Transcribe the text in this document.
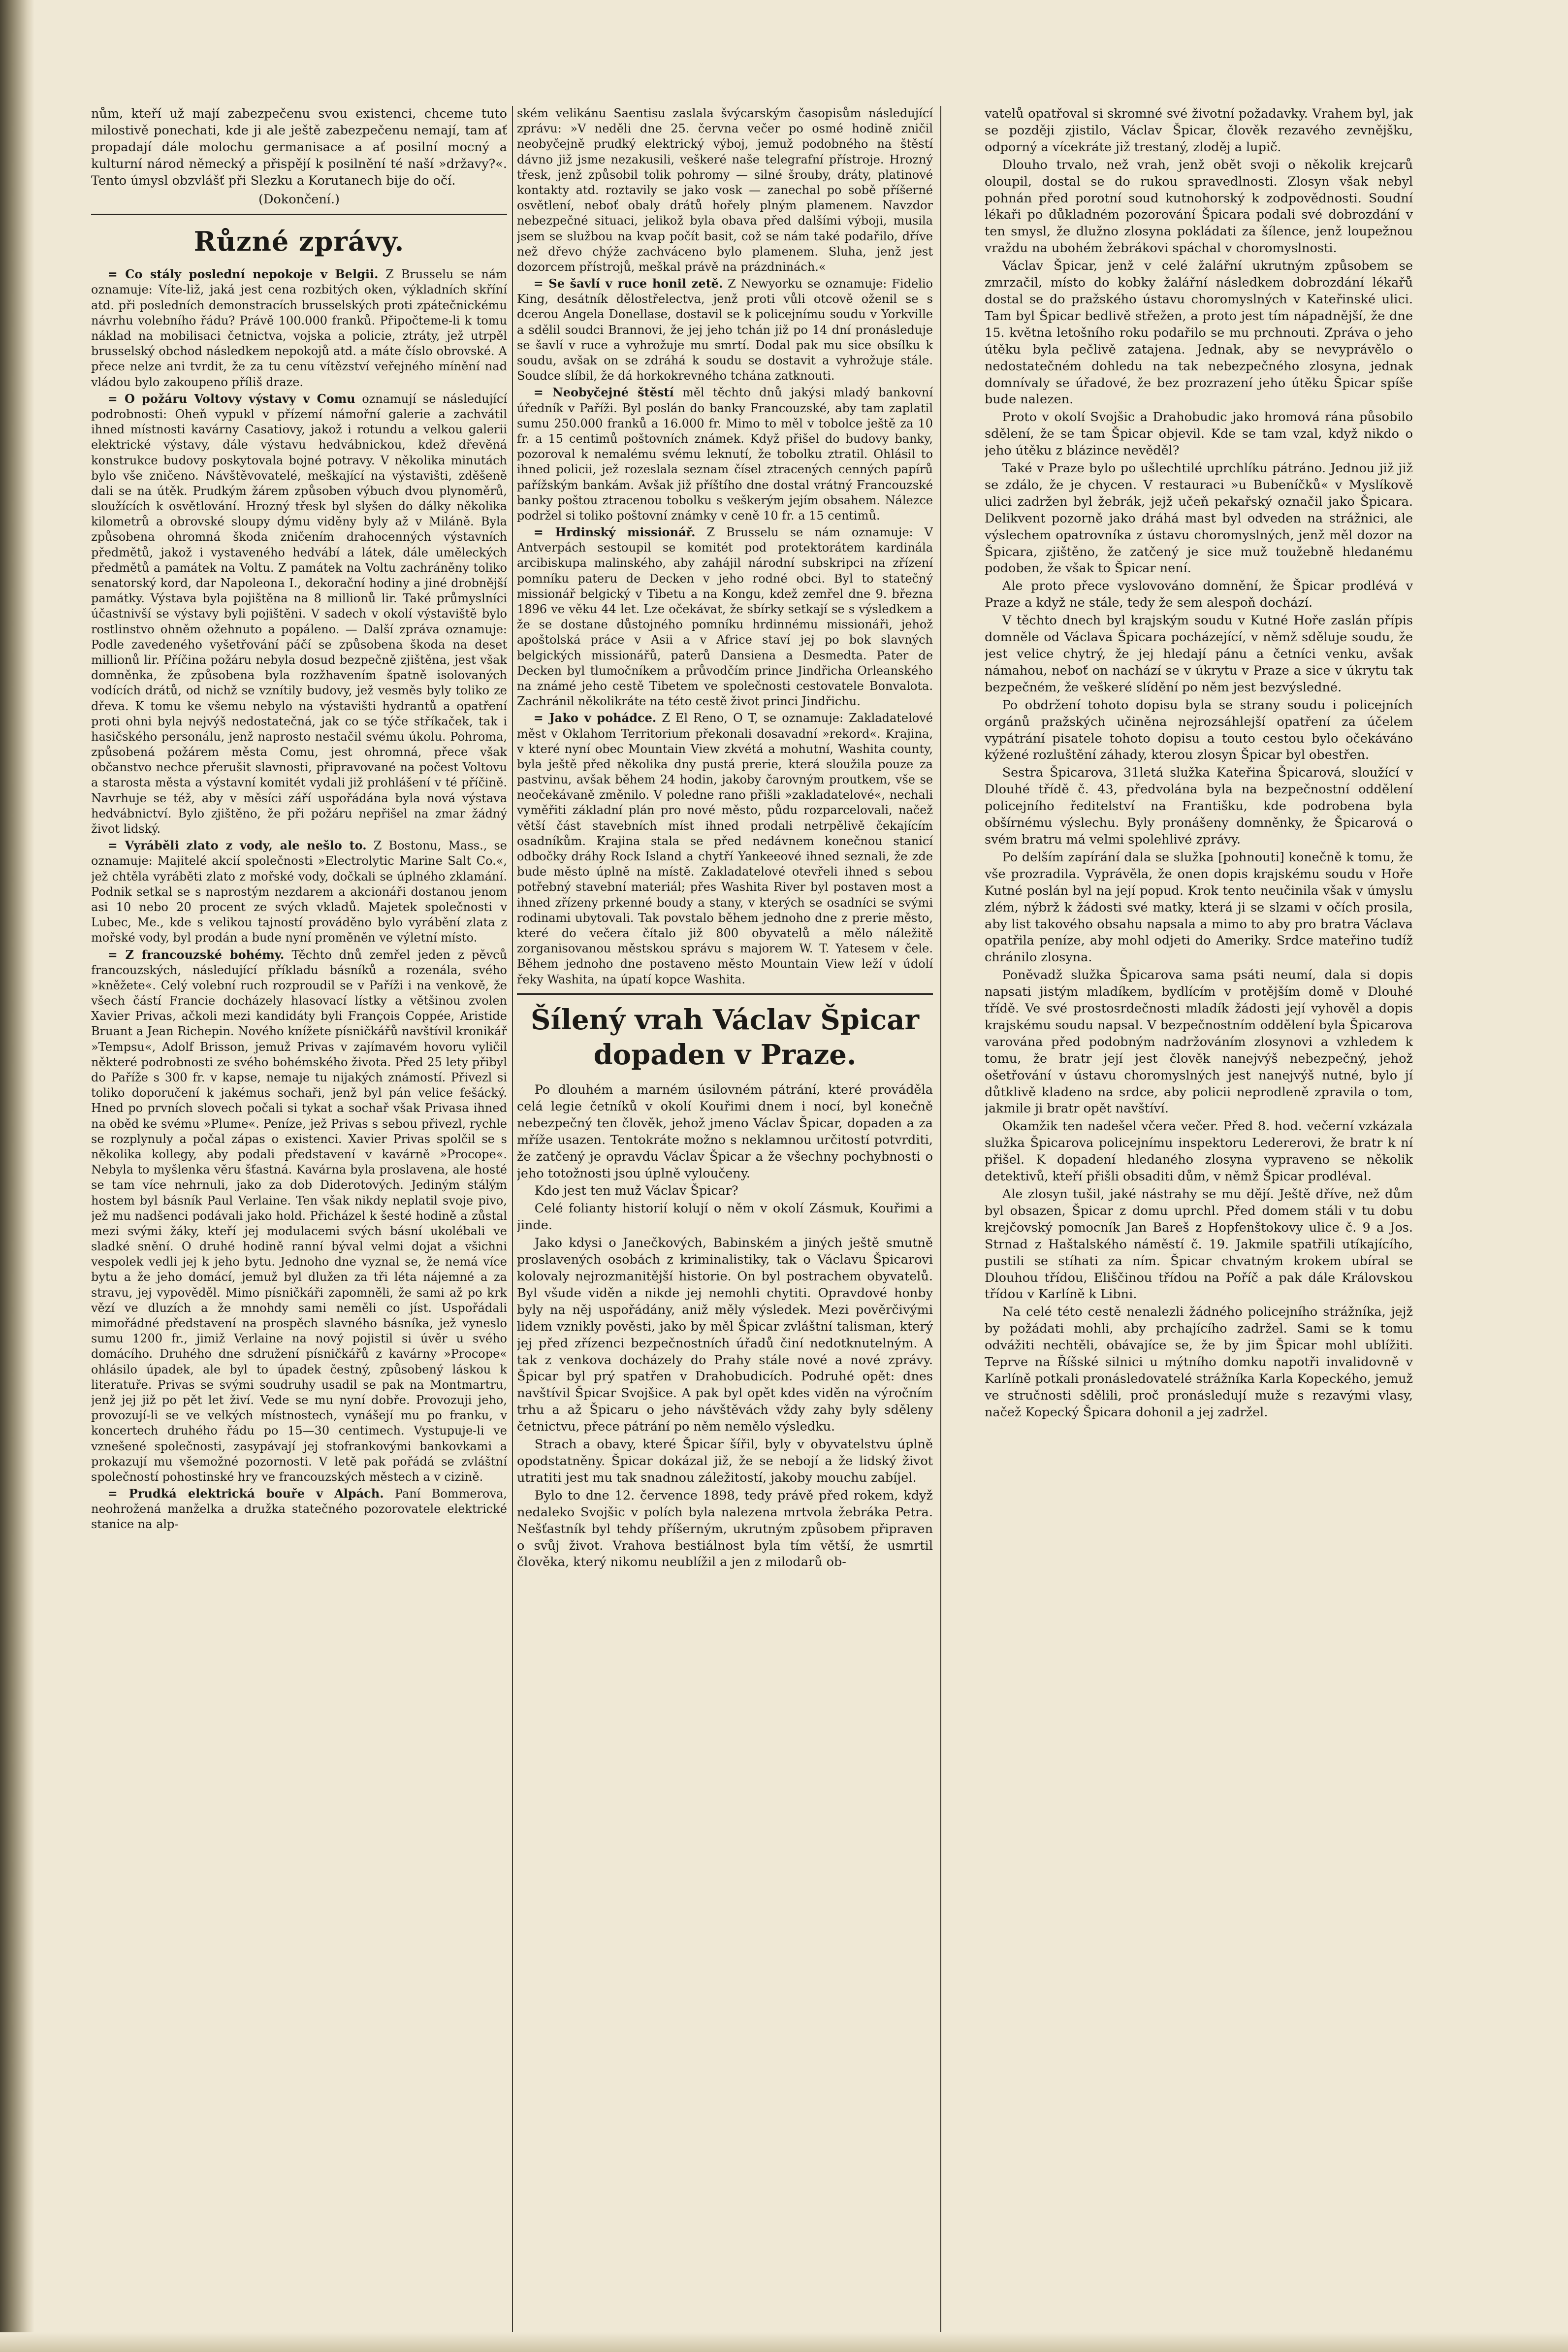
nům, kteří už mají zabezpečenu svou existenci, chceme tuto milostivě ponechati, kde ji ale ještě zabezpečenu nemají, tam ať propadají dále molochu germanisace a ať posilní mocný a kulturní národ německý a přispějí k posilnění té naší »državy?«. Tento úmysl obzvlášť při Slezku a Korutanech bije do očí.

(Dokončení.)

Různé zprávy.

= Co stály poslední nepokoje v Belgii. Z Brusselu se nám oznamuje: Víte-liž, jaká jest cena rozbitých oken, výkladních skříní atd. při posledních demonstracích brusselských proti zpátečnickému návrhu volebního řádu? Právě 100.000 franků. Připočteme-li k tomu náklad na mobilisaci četnictva, vojska a policie, ztráty, jež utrpěl brusselský obchod následkem nepokojů atd. a máte číslo obrovské. A přece nelze ani tvrdit, že za tu cenu vítězství veřejného mínění nad vládou bylo zakoupeno příliš draze.

= O požáru Voltovy výstavy v Comu oznamují se následující podrobnosti: Oheň vypukl v přízemí námořní galerie a zachvátil ihned místnosti kavárny Casatiovy, jakož i rotundu a velkou galerii elektrické výstavy, dále výstavu hedvábnickou, kdež dřevěná konstrukce budovy poskytovala bojné potravy. V několika minutách bylo vše zničeno. Návštěvovatelé, meškající na výstavišti, zděšeně dali se na útěk. Prudkým žárem způsoben výbuch dvou plynoměrů, sloužících k osvětlování. Hrozný třesk byl slyšen do dálky několika kilometrů a obrovské sloupy dýmu viděny byly až v Miláně. Byla způsobena ohromná škoda zničením drahocenných výstavních předmětů, jakož i vystaveného hedvábí a látek, dále uměleckých předmětů a památek na Voltu. Z památek na Voltu zachráněny toliko senatorský kord, dar Napoleona I., dekorační hodiny a jiné drobnější památky. Výstava byla pojištěna na 8 millionů lir. Také průmyslníci účastnivší se výstavy byli pojištěni. V sadech v okolí výstaviště bylo rostlinstvo ohněm ožehnuto a popáleno. — Další zpráva oznamuje: Podle zavedeného vyšetřování páčí se způsobena škoda na deset millionů lir. Příčina požáru nebyla dosud bezpečně zjištěna, jest však domněnka, že způsobena byla rozžhavením špatně isolovaných vodících drátů, od nichž se vznítily budovy, jež vesměs byly toliko ze dřeva. K tomu ke všemu nebylo na výstavišti hydrantů a opatření proti ohni byla nejvýš nedostatečná, jak co se týče stříkaček, tak i hasičského personálu, jenž naprosto nestačil svému úkolu. Pohroma, způsobená požárem města Comu, jest ohromná, přece však občanstvo nechce přerušit slavnosti, připravované na počest Voltovu a starosta města a výstavní komitét vydali již prohlášení v té příčině. Navrhuje se též, aby v měsíci září uspořádána byla nová výstava hedvábnictví. Bylo zjištěno, že při požáru nepřišel na zmar žádný život lidský.

= Vyráběli zlato z vody, ale nešlo to. Z Bostonu, Mass., se oznamuje: Majitelé akcií společnosti »Electrolytic Marine Salt Co.«, jež chtěla vyráběti zlato z mořské vody, dočkali se úplného zklamání. Podnik setkal se s naprostým nezdarem a akcionáři dostanou jenom asi 10 nebo 20 procent ze svých vkladů. Majetek společnosti v Lubec, Me., kde s velikou tajností prováděno bylo vyrábění zlata z mořské vody, byl prodán a bude nyní proměněn ve výletní místo.

= Z francouzské bohémy. Těchto dnů zemřel jeden z pěvců francouzských, následující příkladu básníků a rozenála, svého »kněžete«. Celý volební ruch rozproudil se v Paříži i na venkově, že všech částí Francie docházely hlasovací lístky a většinou zvolen Xavier Privas, ačkoli mezi kandidáty byli François Coppée, Aristide Bruant a Jean Richepin. Nového knížete písničkářů navštívil kronikář »Tempsu«, Adolf Brisson, jemuž Privas v zajímavém hovoru vyličil některé podrobnosti ze svého bohémského života. Před 25 lety přibyl do Paříže s 300 fr. v kapse, nemaje tu nijakých známostí. Přivezl si toliko doporučení k jakémus sochaři, jenž byl pán velice fešácký. Hned po prvních slovech počali si tykat a sochař však Privasa ihned na oběd ke svému »Plume«. Peníze, jež Privas s sebou přivezl, rychle se rozplynuly a počal zápas o existenci. Xavier Privas spolčil se s několika kollegy, aby podali představení v kavárně »Procope«. Nebyla to myšlenka věru šťastná. Kavárna byla proslavena, ale hosté se tam více nehrnuli, jako za dob Diderotových. Jediným stálým hostem byl básník Paul Verlaine. Ten však nikdy neplatil svoje pivo, jež mu nadšenci podávali jako hold. Přicházel k šesté hodině a zůstal mezi svými žáky, kteří jej modulacemi svých básní ukolébali ve sladké snění. O druhé hodině ranní býval velmi dojat a všichni vespolek vedli jej k jeho bytu. Jednoho dne vyznal se, že nemá více bytu a že jeho domácí, jemuž byl dlužen za tři léta nájemné a za stravu, jej vypověděl. Mimo písničkáři zapomněli, že sami až po krk vězí ve dluzích a že mnohdy sami neměli co jíst. Uspořádali mimořádné představení na prospěch slavného básníka, jež vyneslo sumu 1200 fr., jimiž Verlaine na nový pojistil si úvěr u svého domácího. Druhého dne sdružení písničkářů z kavárny »Procope« ohlásilo úpadek, ale byl to úpadek čestný, způsobený láskou k literatuře. Privas se svými soudruhy usadil se pak na Montmartru, jenž jej již po pět let živí. Vede se mu nyní dobře. Provozuji jeho, provozují-li se ve velkých místnostech, vynášejí mu po franku, v koncertech druhého řádu po 15—30 centimech. Vystupuje-li ve vznešené společnosti, zasypávají jej stofrankovými bankovkami a prokazují mu všemožné pozornosti. V letě pak pořádá se zvláštní společností pohostinské hry ve francouzských městech a v cizině.

= Prudká elektrická bouře v Alpách. Paní Bommerova, neohrožená manželka a družka statečného pozorovatele elektrické stanice na alp-

ském velikánu Saentisu zaslala švýcarským časopisům následující zprávu: »V neděli dne 25. června večer po osmé hodině zničil neobyčejně prudký elektrický výboj, jemuž podobného na štěstí dávno již jsme nezakusili, veškeré naše telegrafní přístroje. Hrozný třesk, jenž způsobil tolik pohromy — silné šrouby, dráty, platinové kontakty atd. roztavily se jako vosk — zanechal po sobě příšerné osvětlení, neboť obaly drátů hořely plným plamenem. Navzdor nebezpečné situaci, jelikož byla obava před dalšími výboji, musila jsem se službou na kvap počít basit, což se nám také podařilo, dříve než dřevo chýže zachváceno bylo plamenem. Sluha, jenž jest dozorcem přístrojů, meškal právě na prázdninách.«

= Se šavlí v ruce honil zetě. Z Newyorku se oznamuje: Fidelio King, desátník dělostřelectva, jenž proti vůli otcově oženil se s dcerou Angela Donellase, dostavil se k policejnímu soudu v Yorkville a sdělil soudci Brannovi, že jej jeho tchán již po 14 dní pronásleduje se šavlí v ruce a vyhrožuje mu smrtí. Dodal pak mu sice obsílku k soudu, avšak on se zdráhá k soudu se dostavit a vyhrožuje stále. Soudce slíbil, že dá horkokrevného tchána zatknouti.

= Neobyčejné štěstí měl těchto dnů jakýsi mladý bankovní úředník v Paříži. Byl poslán do banky Francouzské, aby tam zaplatil sumu 250.000 franků a 16.000 fr. Mimo to měl v tobolce ještě za 10 fr. a 15 centimů poštovních známek. Když přišel do budovy banky, pozoroval k nemalému svému leknutí, že tobolku ztratil. Ohlásil to ihned policii, jež rozeslala seznam čísel ztracených cenných papírů pařížským bankám. Avšak již příštího dne dostal vrátný Francouzské banky poštou ztracenou tobolku s veškerým jejím obsahem. Nálezce podržel si toliko poštovní známky v ceně 10 fr. a 15 centimů.

= Hrdinský missionář. Z Brusselu se nám oznamuje: V Antverpách sestoupil se komitét pod protektorátem kardinála arcibiskupa malinského, aby zahájil národní subskripci na zřízení pomníku pateru de Decken v jeho rodné obci. Byl to statečný missionář belgický v Tibetu a na Kongu, kdež zemřel dne 9. března 1896 ve věku 44 let. Lze očekávat, že sbírky setkají se s výsledkem a že se dostane důstojného pomníku hrdinnému missionáři, jehož apoštolská práce v Asii a v Africe staví jej po bok slavných belgických missionářů, paterů Dansiena a Desmedta. Pater de Decken byl tlumočníkem a průvodčím prince Jindřicha Orleanského na známé jeho cestě Tibetem ve společnosti cestovatele Bonvalota. Zachránil několikráte na této cestě život princi Jindřichu.

= Jako v pohádce. Z El Reno, O T, se oznamuje: Zakladatelové měst v Oklahom Territorium překonali dosavadní »rekord«. Krajina, v které nyní obec Mountain View zkvétá a mohutní, Washita county, byla ještě před několika dny pustá prerie, která sloužila pouze za pastvinu, avšak během 24 hodin, jakoby čarovným proutkem, vše se neočekávaně změnilo. V poledne rano přišli »zakladatelové«, nechali vyměřiti základní plán pro nové město, půdu rozparcelovali, načež větší část stavebních míst ihned prodali netrpělivě čekajícím osadníkům. Krajina stala se před nedávnem konečnou stanicí odbočky dráhy Rock Island a chytří Yankeeové ihned seznali, že zde bude město úplně na místě. Zakladatelové otevřeli ihned s sebou potřebný stavební materiál; přes Washita River byl postaven most a ihned zřízeny prkenné boudy a stany, v kterých se osadníci se svými rodinami ubytovali. Tak povstalo během jednoho dne z prerie město, které do večera čítalo již 800 obyvatelů a mělo náležitě zorganisovanou městskou správu s majorem W. T. Yatesem v čele. Během jednoho dne postaveno město Mountain View leží v údolí řeky Washita, na úpatí kopce Washita.

Šílený vrah Václav Špicar dopaden v Praze.

Po dlouhém a marném úsilovném pátrání, které prováděla celá legie četníků v okolí Kouřimi dnem i nocí, byl konečně nebezpečný ten člověk, jehož jmeno Václav Špicar, dopaden a za mříže usazen. Tentokráte možno s neklamnou určitostí potvrditi, že zatčený je opravdu Václav Špicar a že všechny pochybnosti o jeho totožnosti jsou úplně vyloučeny.

Kdo jest ten muž Václav Špicar?

Celé folianty historií kolují o něm v okolí Zásmuk, Kouřimi a jinde.

Jako kdysi o Janečkových, Babinském a jiných ještě smutně proslavených osobách z kriminalistiky, tak o Václavu Špicarovi kolovaly nejrozmanitější historie. On byl postrachem obyvatelů. Byl všude viděn a nikde jej nemohli chytiti. Opravdové honby byly na něj uspořádány, aniž měly výsledek. Mezi pověrčivými lidem vznikly pověsti, jako by měl Špicar zvláštní talisman, který jej před zřízenci bezpečnostních úřadů činí nedotknutelným. A tak z venkova docházely do Prahy stále nové a nové zprávy. Špicar byl prý spatřen v Drahobudicích. Podruhé opět: dnes navštívil Špicar Svojšice. A pak byl opět kdes viděn na výročním trhu a až Špicaru o jeho návštěvách vždy zahy byly sděleny četnictvu, přece pátrání po něm nemělo výsledku.

Strach a obavy, které Špicar šířil, byly v obyvatelstvu úplně opodstatněny. Špicar dokázal již, že se nebojí a že lidský život utratiti jest mu tak snadnou záležitostí, jakoby mouchu zabíjel.

Bylo to dne 12. července 1898, tedy právě před rokem, když nedaleko Svojšic v polích byla nalezena mrtvola žebráka Petra. Nešťastník byl tehdy příšerným, ukrutným způsobem připraven o svůj život. Vrahova bestiálnost byla tím větší, že usmrtil člověka, který nikomu neublížil a jen z milodarů ob-

vatelů opatřoval si skromné své životní požadavky. Vrahem byl, jak se později zjistilo, Václav Špicar, člověk rezavého zevnějšku, odporný a vícekráte již trestaný, zloděj a lupič.

Dlouho trvalo, než vrah, jenž obět svoji o několik krejcarů oloupil, dostal se do rukou spravedlnosti. Zlosyn však nebyl pohnán před porotní soud kutnohorský k zodpovědnosti. Soudní lékaři po důkladném pozorování Špicara podali své dobrozdání v ten smysl, že dlužno zlosyna pokládati za šílence, jenž loupežnou vraždu na ubohém žebrákovi spáchal v choromyslnosti.

Václav Špicar, jenž v celé žalářní ukrutným způsobem se zmrzačil, místo do kobky žalářní následkem dobrozdání lékařů dostal se do pražského ústavu choromyslných v Kateřinské ulici. Tam byl Špicar bedlivě střežen, a proto jest tím nápadnější, že dne 15. května letošního roku podařilo se mu prchnouti. Zpráva o jeho útěku byla pečlivě zatajena. Jednak, aby se nevyprávělo o nedostatečném dohledu na tak nebezpečného zlosyna, jednak domnívaly se úřadové, že bez prozrazení jeho útěku Špicar spíše bude nalezen.

Proto v okolí Svojšic a Drahobudic jako hromová rána působilo sdělení, že se tam Špicar objevil. Kde se tam vzal, když nikdo o jeho útěku z blázince nevěděl?

Také v Praze bylo po ušlechtilé uprchlíku pátráno. Jednou již již se zdálo, že je chycen. V restauraci »u Bubeníčků« v Myslíkově ulici zadržen byl žebrák, jejž učeň pekařský označil jako Špicara. Delikvent pozorně jako dráhá mast byl odveden na strážnici, ale výslechem opatrovníka z ústavu choromyslných, jenž měl dozor na Špicara, zjištěno, že zatčený je sice muž toužebně hledanému podoben, že však to Špicar není.

Ale proto přece vyslovováno domnění, že Špicar prodlévá v Praze a když ne stále, tedy že sem alespoň dochází.

V těchto dnech byl krajským soudu v Kutné Hoře zaslán přípis domněle od Václava Špicara pocházející, v němž sděluje soudu, že jest velice chytrý, že jej hledají pánu a četníci venku, avšak námahou, neboť on nachází se v úkrytu v Praze a sice v úkrytu tak bezpečném, že veškeré slídění po něm jest bezvýsledné.

Po obdržení tohoto dopisu byla se strany soudu i policejních orgánů pražských učiněna nejrozsáhlejší opatření za účelem vypátrání pisatele tohoto dopisu a touto cestou bylo očekáváno kýžené rozluštění záhady, kterou zlosyn Špicar byl obestřen.

Sestra Špicarova, 31letá služka Kateřina Špicarová, sloužící v Dlouhé třídě č. 43, předvolána byla na bezpečnostní oddělení policejního ředitelství na Františku, kde podrobena byla obšírnému výslechu. Byly pronášeny domněnky, že Špicarová o svém bratru má velmi spolehlivé zprávy.

Po delším zapírání dala se služka [pohnouti] konečně k tomu, že vše prozradila. Vyprávěla, že onen dopis krajskému soudu v Hoře Kutné poslán byl na její popud. Krok tento neučinila však v úmyslu zlém, nýbrž k žádosti své matky, která ji se slzami v očích prosila, aby list takového obsahu napsala a mimo to aby pro bratra Václava opatřila peníze, aby mohl odjeti do Ameriky. Srdce mateřino tudíž chránilo zlosyna.

Poněvadž služka Špicarova sama psáti neumí, dala si dopis napsati jistým mladíkem, bydlícím v protějším domě v Dlouhé třídě. Ve své prostosrdečnosti mladík žádosti její vyhověl a dopis krajskému soudu napsal. V bezpečnostním oddělení byla Špicarova varována před podobným nadržováním zlosynovi a vzhledem k tomu, že bratr její jest člověk nanejvýš nebezpečný, jehož ošetřování v ústavu choromyslných jest nanejvýš nutné, bylo jí důtklivě kladeno na srdce, aby policii neprodleně zpravila o tom, jakmile ji bratr opět navštíví.

Okamžik ten nadešel včera večer. Před 8. hod. večerní vzkázala služka Špicarova policejnímu inspektoru Ledererovi, že bratr k ní přišel. K dopadení hledaného zlosyna vypraveno se několik detektivů, kteří přišli obsaditi dům, v němž Špicar prodléval.

Ale zlosyn tušil, jaké nástrahy se mu dějí. Ještě dříve, než dům byl obsazen, Špicar z domu uprchl. Před domem stáli v tu dobu krejčovský pomocník Jan Bareš z Hopfenštokovy ulice č. 9 a Jos. Strnad z Haštalského náměstí č. 19. Jakmile spatřili utíkajícího, pustili se stíhati za ním. Špicar chvatným krokem ubíral se Dlouhou třídou, Eliščinou třídou na Poříč a pak dále Královskou třídou v Karlíně k Libni.

Na celé této cestě nenalezli žádného policejního strážníka, jejž by požádati mohli, aby prchajícího zadržel. Sami se k tomu odvážiti nechtěli, obávajíce se, že by jim Špicar mohl ublížiti. Teprve na Říšské silnici u mýtního domku napotři invalidovně v Karlíně potkali pronásledovatelé strážníka Karla Kopeckého, jemuž ve stručnosti sdělili, proč pronásledují muže s rezavými vlasy, načež Kopecký Špicara dohonil a jej zadržel.
